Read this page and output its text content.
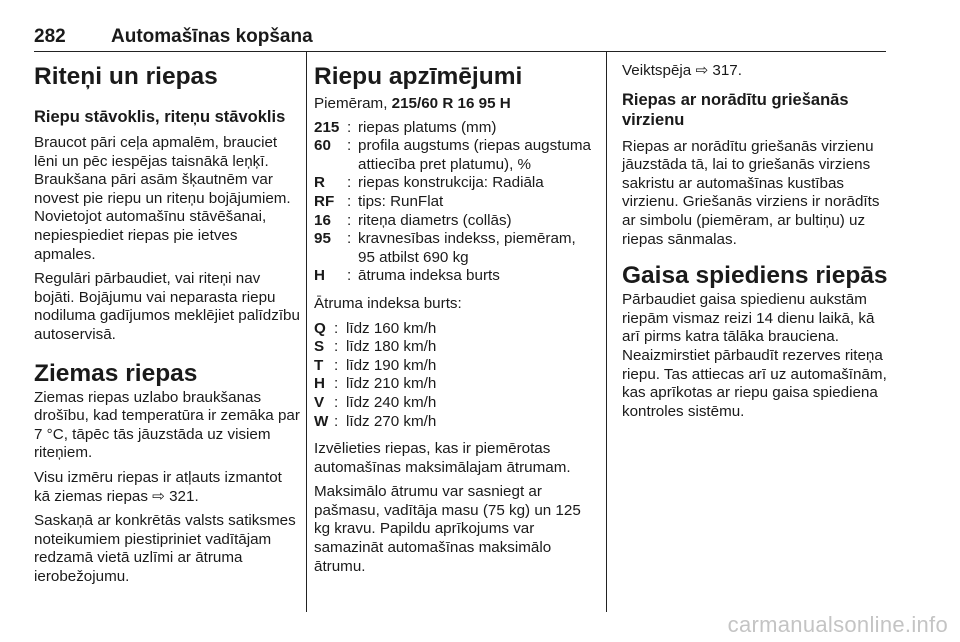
282 Automašīnas kopšana
Riteņi un riepas
Riepu stāvoklis, riteņu stāvoklis

Braucot pāri ceļa apmalēm, brauciet lēni un pēc iespējas taisnākā leņķī. Braukšana pāri asām šķautnēm var novest pie riepu un riteņu bojājumiem. Novietojot automašīnu stāvēšanai, nepiespiediet riepas pie ietves apmales.

Regulāri pārbaudiet, vai riteņi nav bojāti. Bojājumu vai neparasta riepu nodiluma gadījumos meklējiet palīdzību autoservisā.

Ziemas riepas

Ziemas riepas uzlabo braukšanas drošību, kad temperatūra ir zemāka par 7 °C, tāpēc tās jāuzstāda uz visiem riteņiem.

Visu izmēru riepas ir atļauts izmantot kā ziemas riepas ⇨ 321.

Saskaņā ar konkrētās valsts satiksmes noteikumiem piestipriniet vadītājam redzamā vietā uzlīmi ar ātruma ierobežojumu.

Riepu apzīmējumi

Piemēram, 215/60 R 16 95 H

215 : riepas platums (mm)
60	: profila augstums (riepas augstuma attiecība pret platumu), %
R	: riepas konstrukcija: Radiāla
RF : tips: RunFlat
16	: riteņa diametrs (collās)
95	: kravnesības indekss, piemēram, 95 atbilst 690 kg
H	: ātruma indeksa burts

Ātruma indeksa burts:

Q : līdz 160 km/h
S : līdz 180 km/h
T : līdz 190 km/h
H : līdz 210 km/h
V : līdz 240 km/h
W : līdz 270 km/h

Izvēlieties riepas, kas ir piemērotas automašīnas maksimālajam ātrumam.

Maksimālo ātrumu var sasniegt ar pašmasu, vadītāja masu (75 kg) un 125 kg kravu. Papildu aprīkojums var samazināt automašīnas maksimālo ātrumu.

Veiktspēja ⇨ 317.

Riepas ar norādītu griešanās virzienu

Riepas ar norādītu griešanās virzienu jāuzstāda tā, lai to griešanās virziens sakristu ar automašīnas kustības virzienu. Griešanās virziens ir norādīts ar simbolu (piemēram, ar bultiņu) uz riepas sānmalas.

Gaisa spiediens riepās

Pārbaudiet gaisa spiedienu aukstām riepām vismaz reizi 14 dienu laikā, kā arī pirms katra tālāka brauciena. Neaizmirstiet pārbaudīt rezerves riteņa riepu. Tas attiecas arī uz automašīnām, kas aprīkotas ar riepu gaisa spiediena kontroles sistēmu.

carmanualsonline.info
